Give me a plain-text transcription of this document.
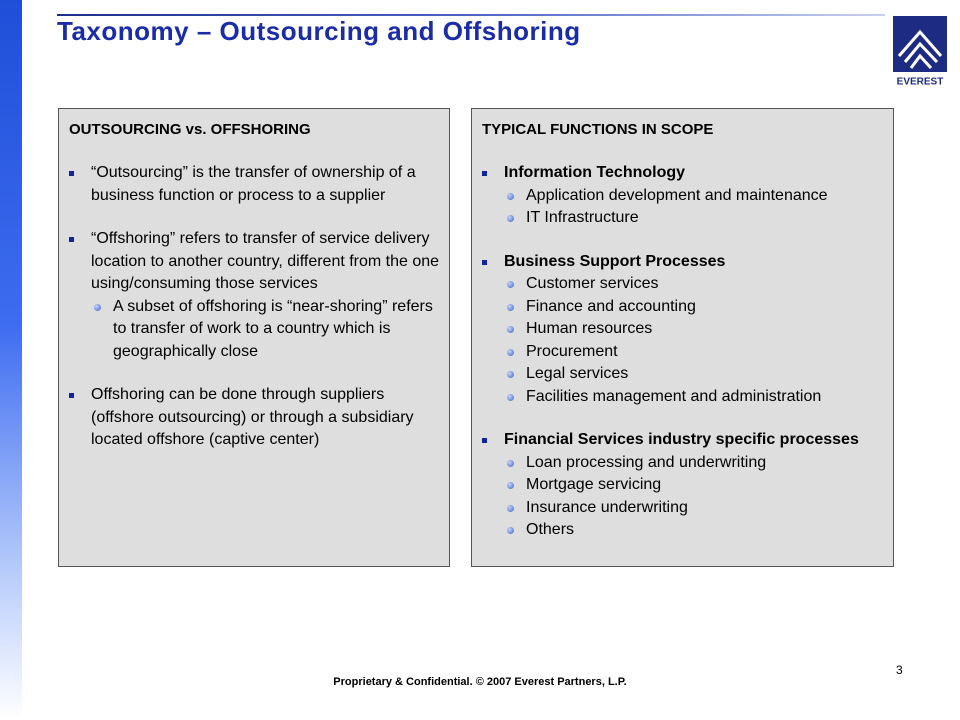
Taxonomy – Outsourcing and Offshoring
EVEREST
OUTSOURCING vs. OFFSHORING
“Outsourcing” is the transfer of ownership of a business function or process to a supplier
“Offshoring” refers to transfer of service delivery location to another country, different from the one using/consuming those services
A subset of offshoring is “near-shoring” refers to transfer of work to a country which is geographically close
Offshoring can be done through suppliers (offshore outsourcing) or through a subsidiary located offshore (captive center)
TYPICAL FUNCTIONS IN SCOPE
Information Technology
Application development and maintenance
IT Infrastructure
Business Support Processes
Customer services
Finance and accounting
Human resources
Procurement
Legal services
Facilities management and administration
Financial Services industry specific processes
Loan processing and underwriting
Mortgage servicing
Insurance underwriting
Others
3
Proprietary & Confidential. © 2007 Everest Partners, L.P.
